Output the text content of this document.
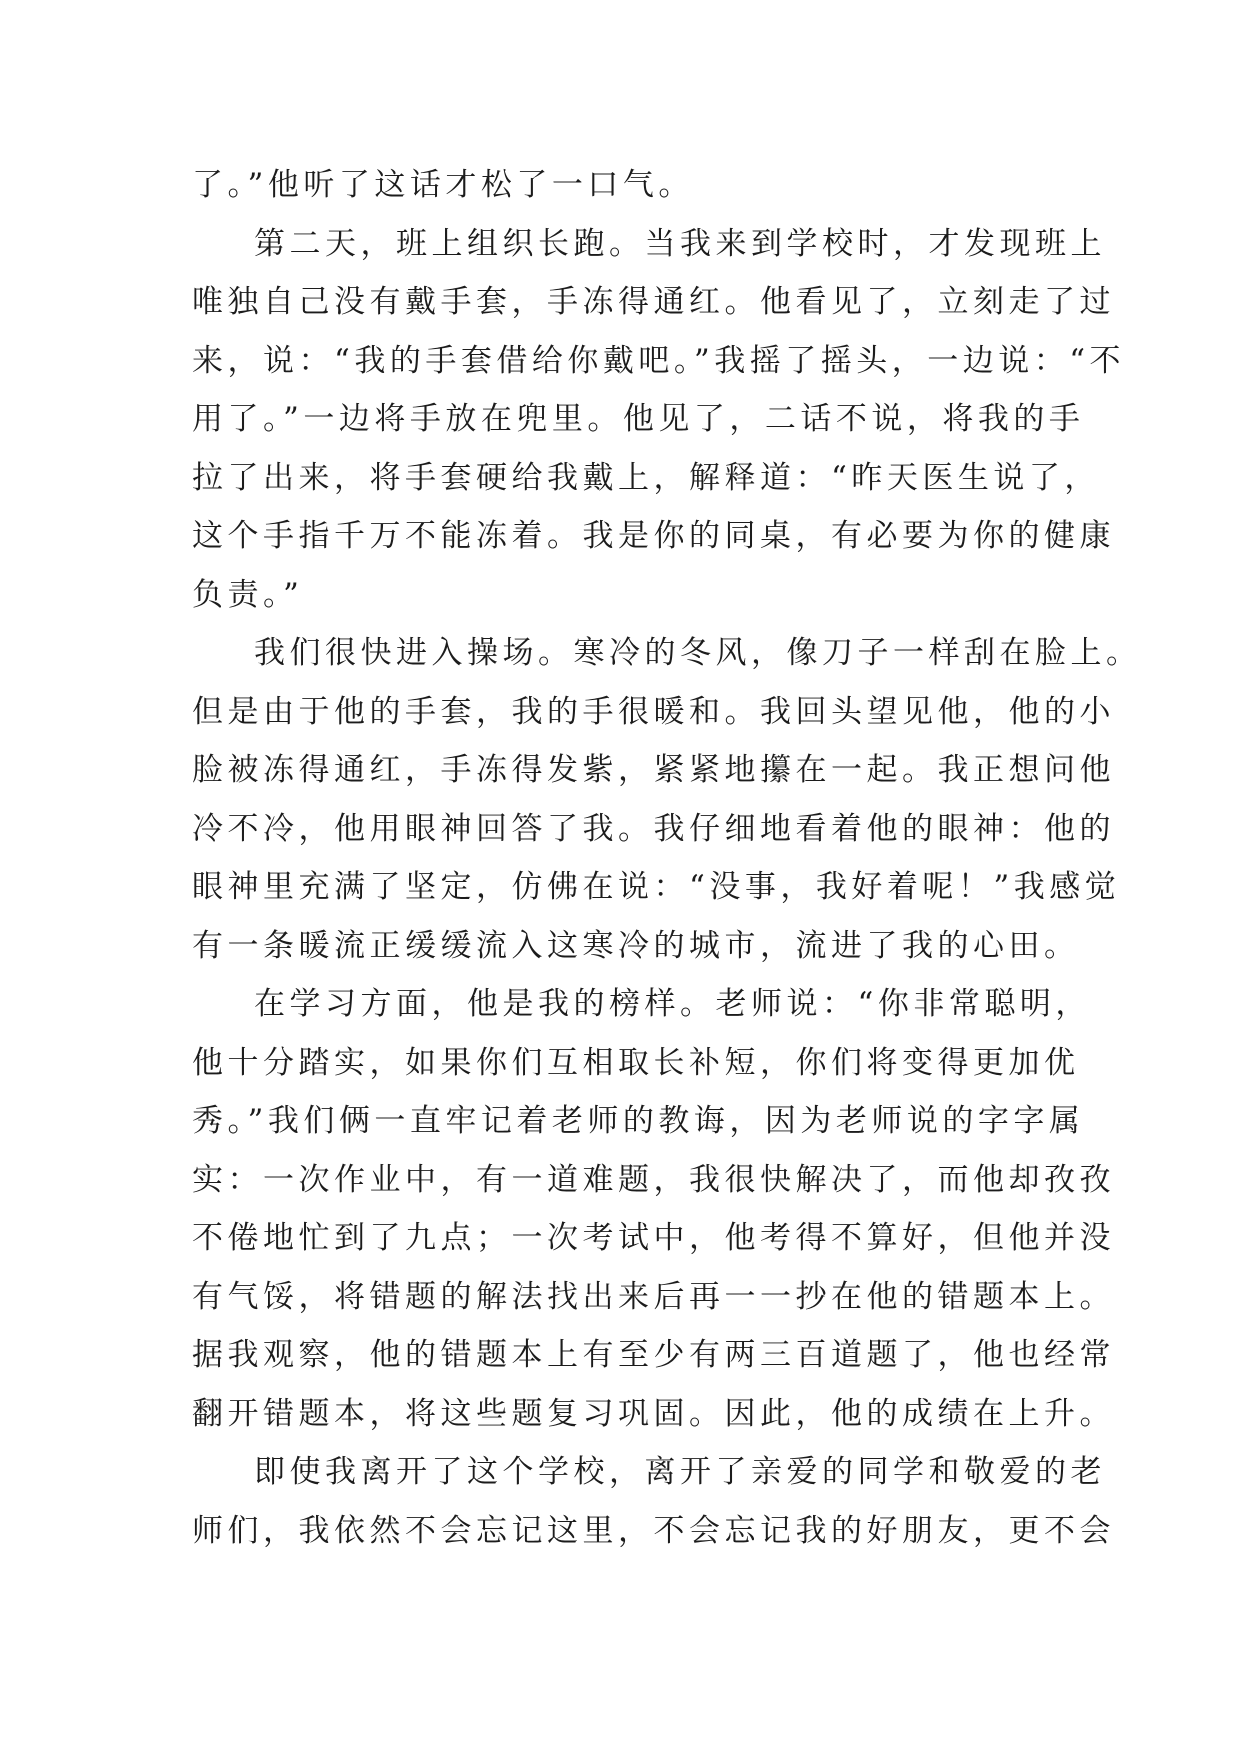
了。”他听了这话才松了一口气。
第二天，班上组织长跑。当我来到学校时，才发现班上
唯独自己没有戴手套，手冻得通红。他看见了，立刻走了过
来，说：“我的手套借给你戴吧。”我摇了摇头，一边说：“不
用了。”一边将手放在兜里。他见了，二话不说，将我的手
拉了出来，将手套硬给我戴上，解释道：“昨天医生说了，
这个手指千万不能冻着。我是你的同桌，有必要为你的健康
负责。”
我们很快进入操场。寒冷的冬风，像刀子一样刮在脸上。
但是由于他的手套，我的手很暖和。我回头望见他，他的小
脸被冻得通红，手冻得发紫，紧紧地攥在一起。我正想问他
冷不冷，他用眼神回答了我。我仔细地看着他的眼神：他的
眼神里充满了坚定，仿佛在说：“没事，我好着呢！”我感觉
有一条暖流正缓缓流入这寒冷的城市，流进了我的心田。
在学习方面，他是我的榜样。老师说：“你非常聪明，
他十分踏实，如果你们互相取长补短，你们将变得更加优
秀。”我们俩一直牢记着老师的教诲，因为老师说的字字属
实：一次作业中，有一道难题，我很快解决了，而他却孜孜
不倦地忙到了九点；一次考试中，他考得不算好，但他并没
有气馁，将错题的解法找出来后再一一抄在他的错题本上。
据我观察，他的错题本上有至少有两三百道题了，他也经常
翻开错题本，将这些题复习巩固。因此，他的成绩在上升。
即使我离开了这个学校，离开了亲爱的同学和敬爱的老
师们，我依然不会忘记这里，不会忘记我的好朋友，更不会
